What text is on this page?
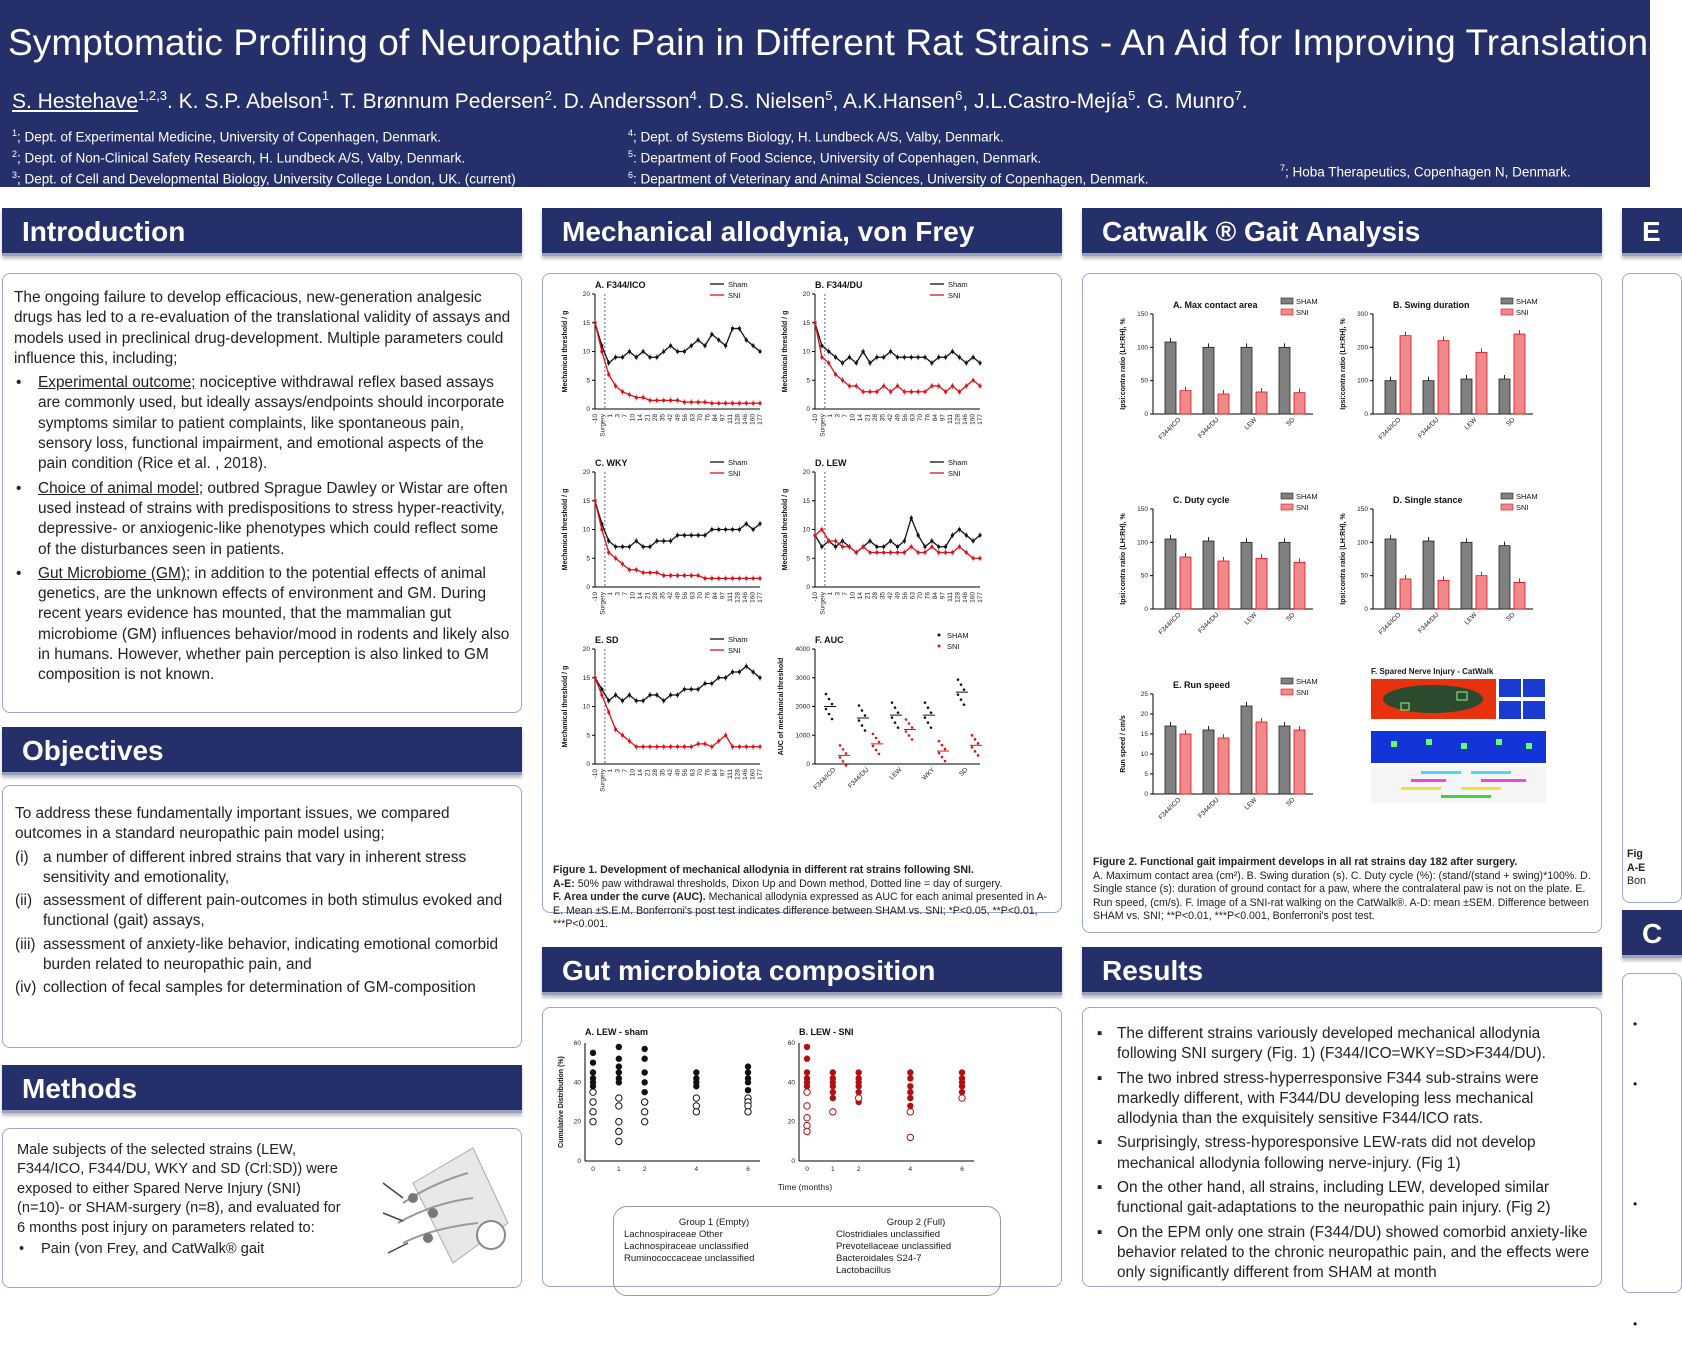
Symptomatic Profiling of Neuropathic Pain in Different Rat Strains - An Aid for Improving Translational
S. Hestehave$^{1,2,3}$. K. S.P. Abelson$^1$. T. Brønnum Pedersen$^2$. D. Andersson$^4$. D.S. Nielsen$^5$, A.K.Hansen$^6$, J.L.Castro-Mejía$^5$. G. Munro$^7$.
$^1$; Dept. of Experimental Medicine, University of Copenhagen, Denmark.
$^2$; Dept. of Non-Clinical Safety Research, H. Lundbeck A/S, Valby, Denmark.
$^3$; Dept. of Cell and Developmental Biology, University College London, UK. (current)
$^4$; Dept. of Systems Biology, H. Lundbeck A/S, Valby, Denmark.
$^5$: Department of Food Science, University of Copenhagen, Denmark.
$^6$: Department of Veterinary and Animal Sciences, University of Copenhagen, Denmark.
$^7$; Hoba Therapeutics, Copenhagen N, Denmark.
Introduction

The ongoing failure to develop efficacious, new-generation analgesic drugs has led to a re-evaluation of the translational validity of assays and models used in preclinical drug-development. Multiple parameters could influence this, including;

• Experimental outcome; nociceptive withdrawal reflex based assays are commonly used, but ideally assays/endpoints should incorporate symptoms similar to patient complaints, like spontaneous pain, sensory loss, functional impairment, and emotional aspects of the pain condition (Rice et al. , 2018).
• Choice of animal model; outbred Sprague Dawley or Wistar are often used instead of strains with predispositions to stress hyper-reactivity, depressive- or anxiogenic-like phenotypes which could reflect some of the disturbances seen in patients.
• Gut Microbiome (GM); in addition to the potential effects of animal genetics, are the unknown effects of environment and GM. During recent years evidence has mounted, that the mammalian gut microbiome (GM) influences behavior/mood in rodents and likely also in humans. However, whether pain perception is also linked to GM composition is not known.
Objectives

To address these fundamentally important issues, we compared outcomes in a standard neuropathic pain model using;

(i) a number of different inbred strains that vary in inherent stress sensitivity and emotionality,
(ii) assessment of different pain-outcomes in both stimulus evoked and functional (gait) assays,
(iii) assessment of anxiety-like behavior, indicating emotional comorbid burden related to neuropathic pain, and
(iv) collection of fecal samples for determination of GM-composition
Methods

Male subjects of the selected strains (LEW, F344/ICO, F344/DU, WKY and SD (Crl:SD)) were exposed to either Spared Nerve Injury (SNI) (n=10)- or SHAM-surgery (n=8), and evaluated for 6 months post injury on parameters related to:

• Pain (von Frey, and CatWalk® gait
Mechanical allodynia, von Frey
A. F344/ICO
Mechanical threshold / g
0
5
10
15
20
-10 Surgery 1 3 7 10 14 21 28 35 42 49 56 63 70 76 84 97 111 128 146 160 177
Sham
SNI
B. F344/DU
Mechanical threshold / g
0
5
10
15
20
-10 Surgery 1 3 7 10 14 21 28 35 42 49 56 63 70 76 84 97 111 128 146 160 177
Sham
SNI
C. WKY
Mechanical threshold / g
0
5
10
15
20
-10 Surgery 1 3 7 10 14 21 28 35 42 49 56 63 70 76 84 97 111 128 146 160 177
Sham
SNI
D. LEW
Mechanical threshold / g
0
5
10
15
20
-10 Surgery 1 3 7 10 14 21 28 35 42 49 56 63 70 76 84 97 111 128 146 160 177
Sham
SNI
E. SD
Mechanical threshold / g
0
5
10
15
20
-10 Surgery 1 3 7 10 14 21 28 35 42 49 56 63 70 76 84 97 111 128 146 160 177
Sham
SNI
F. AUC
AUC of mechanical threshold
0
1000
2000
3000
4000
F344/ICO F344/DU	LEW	WKY	SD
SHAM
SNI
Figure 1. Development of mechanical allodynia in different rat strains following SNI.
A-E: 50% paw withdrawal thresholds, Dixon Up and Down method, Dotted line = day of surgery.
F. Area under the curve (AUC). Mechanical allodynia expressed as AUC for each animal presented in A-E. Mean ±S.E.M. Bonferroni's post test indicates difference between SHAM vs. SNI; *P<0.05, **P<0.01, ***P<0.001.
Gut microbiota composition
A. LEW - sham
Cumulative Distribution (%)
0
20
40
60
0	1	2	4	6
B. LEW - SNI
0
20
40
60
0	1	2	4	6
Time (months)
Group 1 (Empty)
Lachnospiraceae Other
Lachnospiraceae unclassified
Ruminococcaceae unclassified
Group 2 (Full)
Clostridiales unclassified
Prevotellaceae unclassified
Bacteroidales S24-7
Lactobacillus
Catwalk ® Gait Analysis
A. Max contact area
Ipsi:contra ratio (LH:RH), %
0
50
100
150
F344/ICO F344/DU	LEW	SD
SHAM
SNI
B. Swing duration
Ipsi:contra ratio (LH:RH), %
0
100
200
300
F344/ICO F344/DU	LEW	SD
SHAM
SNI
C. Duty cycle
Ipsi:contra ratio (LH:RH), %
0
50
100
150
F344/ICO F344/DU	LEW	SD
SHAM
SNI
D. Single stance
Ipsi:contra ratio (LH:RH), %
0
50
100
150
F344/ICO F344/DU	LEW	SD
SHAM
SNI
E. Run speed
Run speed / cm/s
0
5
10
15
20
25
F344/ICO F344/DU	LEW	SD
SHAM
SNI
F. Spared Nerve Injury - CatWalk
Figure 2. Functional gait impairment develops in all rat strains day 182 after surgery.
A. Maximum contact area (cm²). B. Swing duration (s). C. Duty cycle (%): (stand/(stand + swing)*100%. D. Single stance (s): duration of ground contact for a paw, where the contralateral paw is not on the plate. E. Run speed, (cm/s). F. Image of a SNI-rat walking on the CatWalk®. A-D: mean ±SEM. Difference between SHAM vs. SNI; **P<0.01, ***P<0.001, Bonferroni's post test.
Results
▪ The different strains variously developed mechanical allodynia following SNI surgery (Fig. 1) (F344/ICO=WKY=SD>F344/DU).
▪ The two inbred stress-hyperresponsive F344 sub-strains were markedly different, with F344/DU developing less mechanical allodynia than the exquisitely sensitive F344/ICO rats.
▪ Surprisingly, stress-hyporesponsive LEW-rats did not develop mechanical allodynia following nerve-injury. (Fig 1)
▪ On the other hand, all strains, including LEW, developed similar functional gait-adaptations to the neuropathic pain injury. (Fig 2)
▪ On the EPM only one strain (F344/DU) showed comorbid anxiety-like behavior related to the chronic neuropathic pain, and the effects were only significantly different from SHAM at month
E
Fig
A-E
Bon
C
•
•

•

•
